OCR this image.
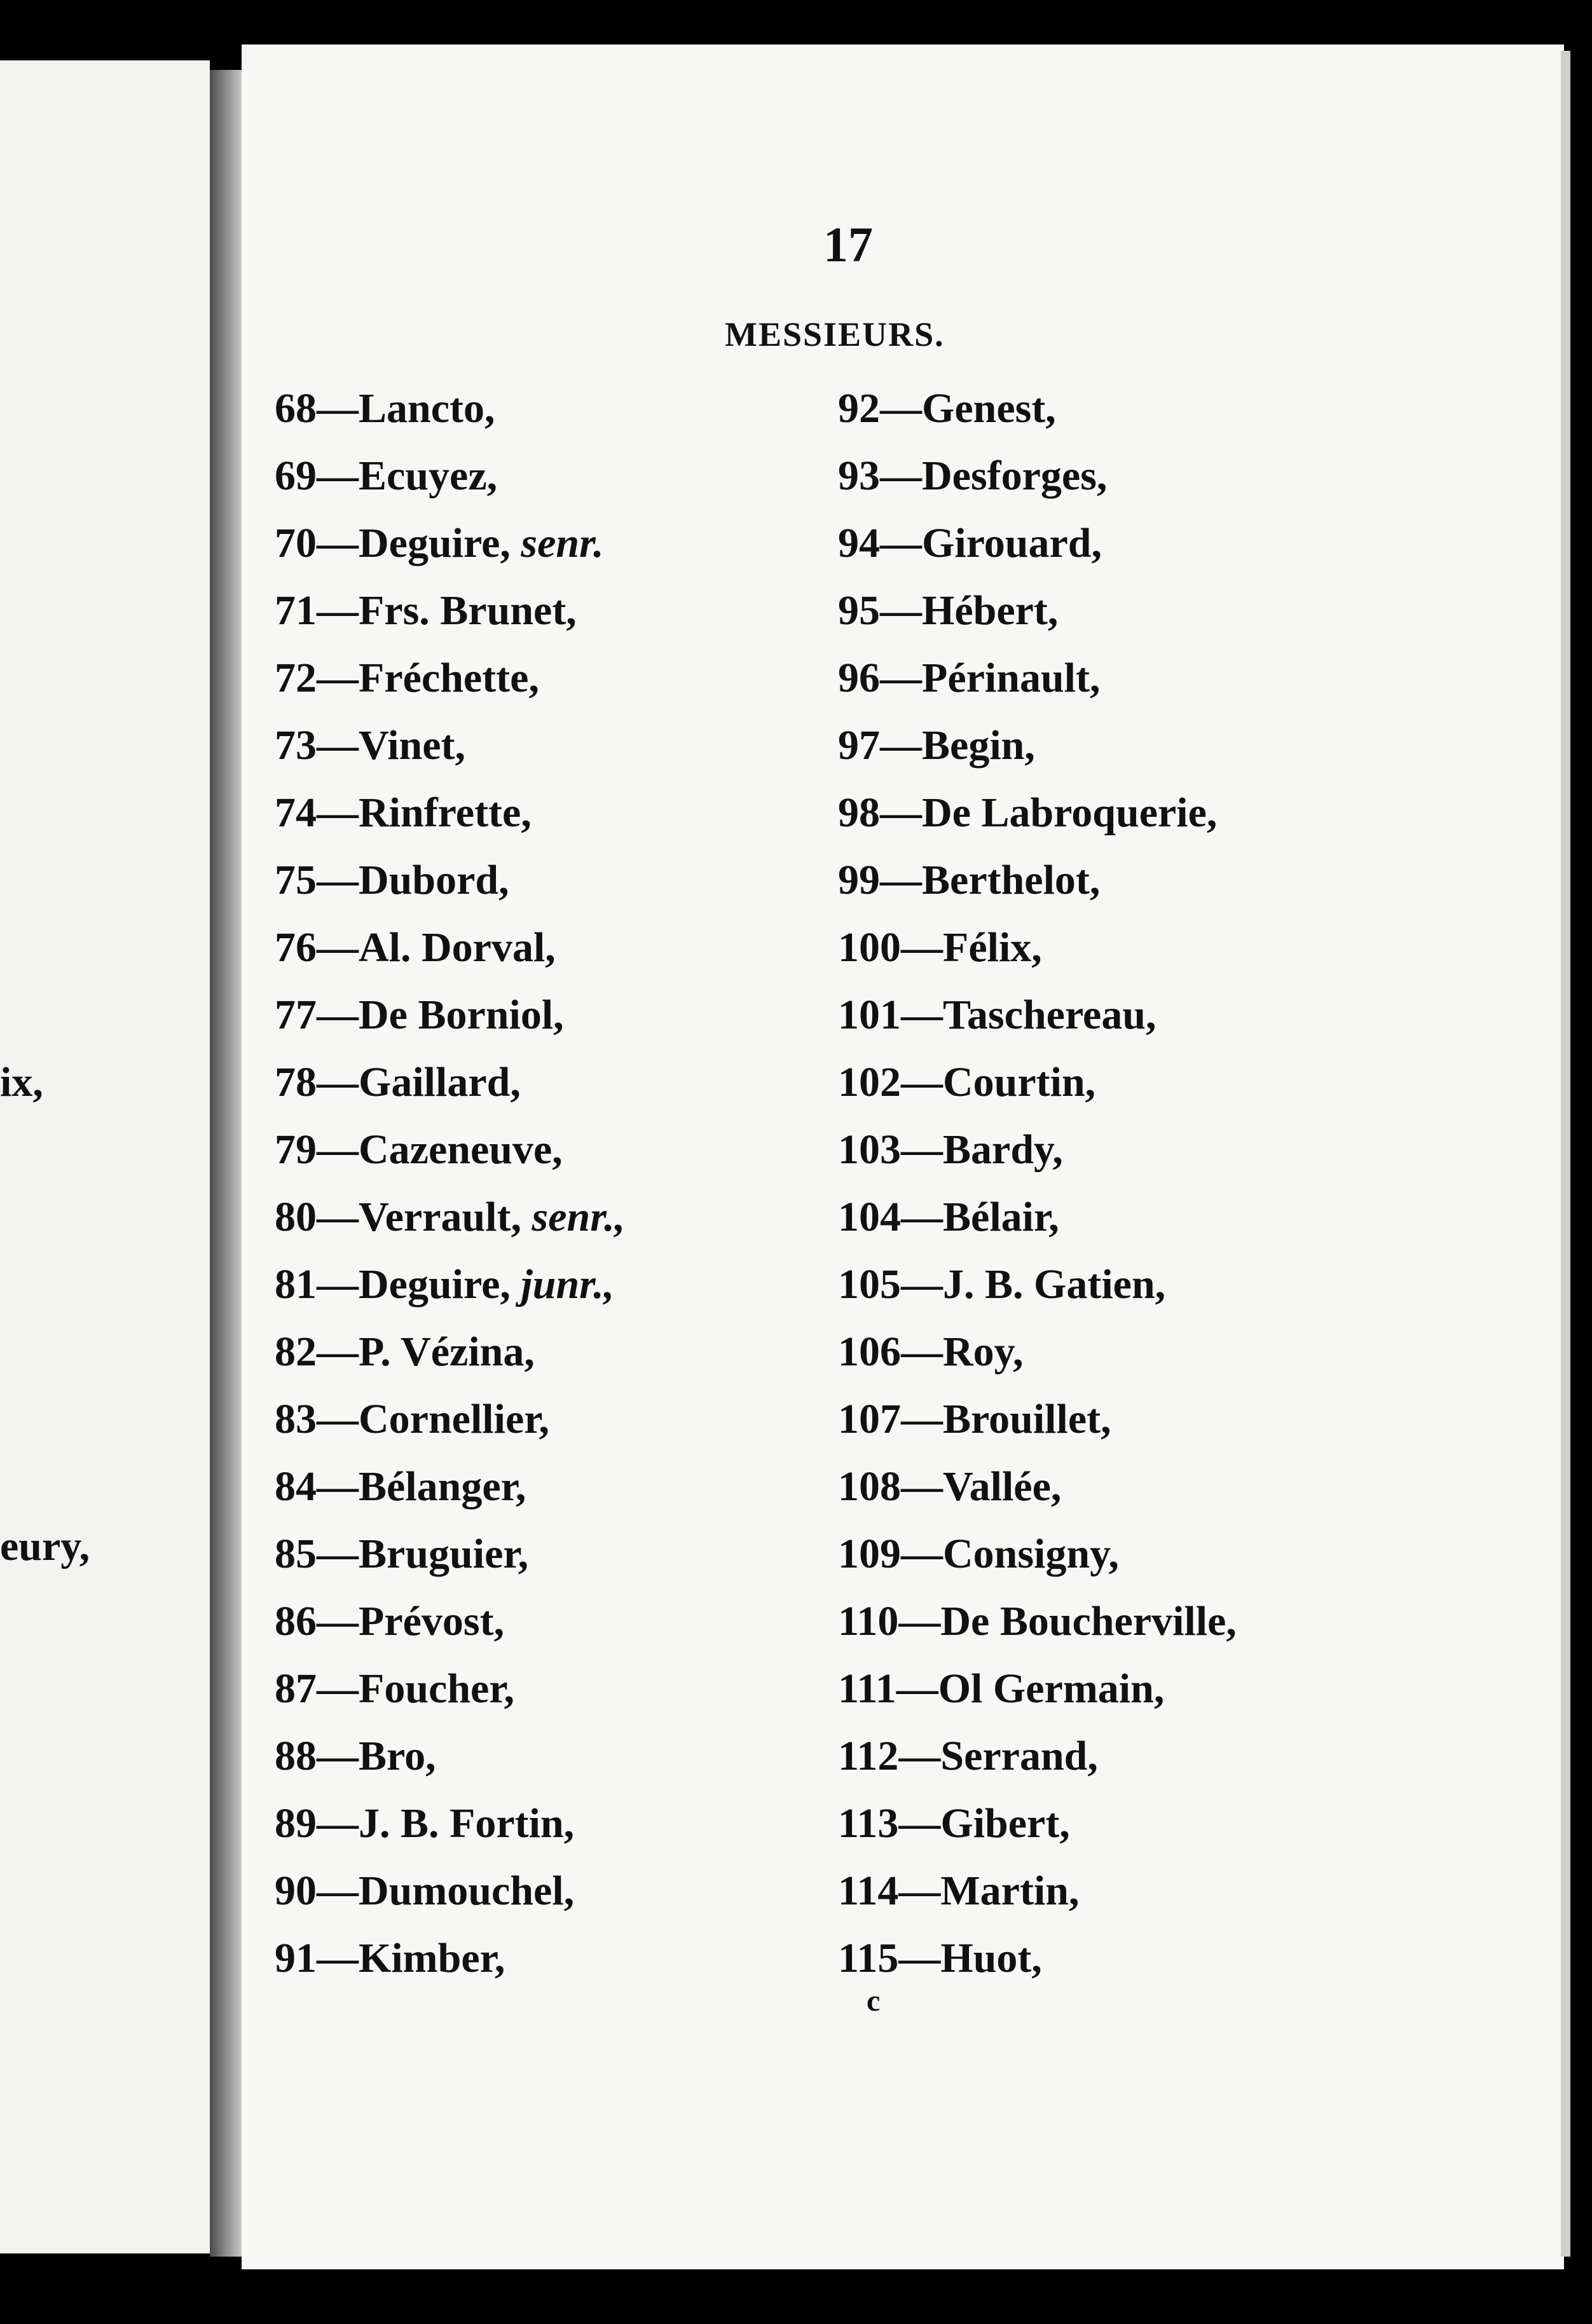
ix,
eury,
17
MESSIEURS.
68—Lancto,
69—Ecuyez,
70—Deguire, senr.
71—Frs. Brunet,
72—Fréchette,
73—Vinet,
74—Rinfrette,
75—Dubord,
76—Al. Dorval,
77—De Borniol,
78—Gaillard,
79—Cazeneuve,
80—Verrault, senr.,
81—Deguire, junr.,
82—P. Vézina,
83—Cornellier,
84—Bélanger,
85—Bruguier,
86—Prévost,
87—Foucher,
88—Bro,
89—J. B. Fortin,
90—Dumouchel,
91—Kimber,
92—Genest,
93—Desforges,
94—Girouard,
95—Hébert,
96—Périnault,
97—Begin,
98—De Labroquerie,
99—Berthelot,
100—Félix,
101—Taschereau,
102—Courtin,
103—Bardy,
104—Bélair,
105—J. B. Gatien,
106—Roy,
107—Brouillet,
108—Vallée,
109—Consigny,
110—De Boucherville,
111—Ol Germain,
112—Serrand,
113—Gibert,
114—Martin,
115—Huot,
c
